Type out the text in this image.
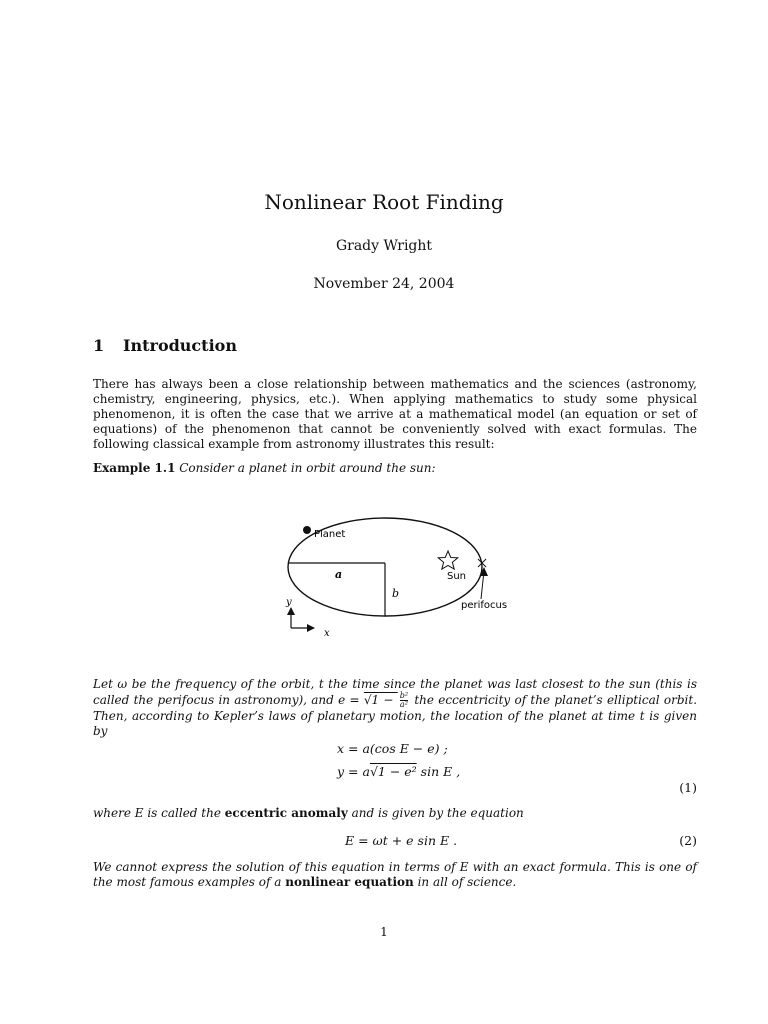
Nonlinear Root Finding
Grady Wright
November 24, 2004
1 Introduction

There has always been a close relationship between mathematics and the sciences (astronomy, chemistry, engineering, physics, etc.). When applying mathematics to study some physical phenomenon, it is often the case that we arrive at a mathematical model (an equation or set of equations) of the phenomenon that cannot be conveniently solved with exact formulas. The following classical example from astronomy illustrates this result:

Example 1.1 Consider a planet in orbit around the sun:

Planet
a
b
Sun
perifocus
y
x

Let ω be the frequency of the orbit, t the time since the planet was last closest to the sun (this is called the perifocus in astronomy), and $e = √1 - \frac{\text{b²}}{\text{a²}}$ the eccentricity of the planet’s elliptical orbit. Then, according to Kepler’s laws of planetary motion, the location of the planet at time t is given by

x = a(cos E − e) ;
y = a√1 − e² sin E ,
(1)

where E is called the eccentric anomaly and is given by the equation

E = ωt + e sin E .	(2)

We cannot express the solution of this equation in terms of E with an exact formula. This is one of the most famous examples of a nonlinear equation in all of science.

1
